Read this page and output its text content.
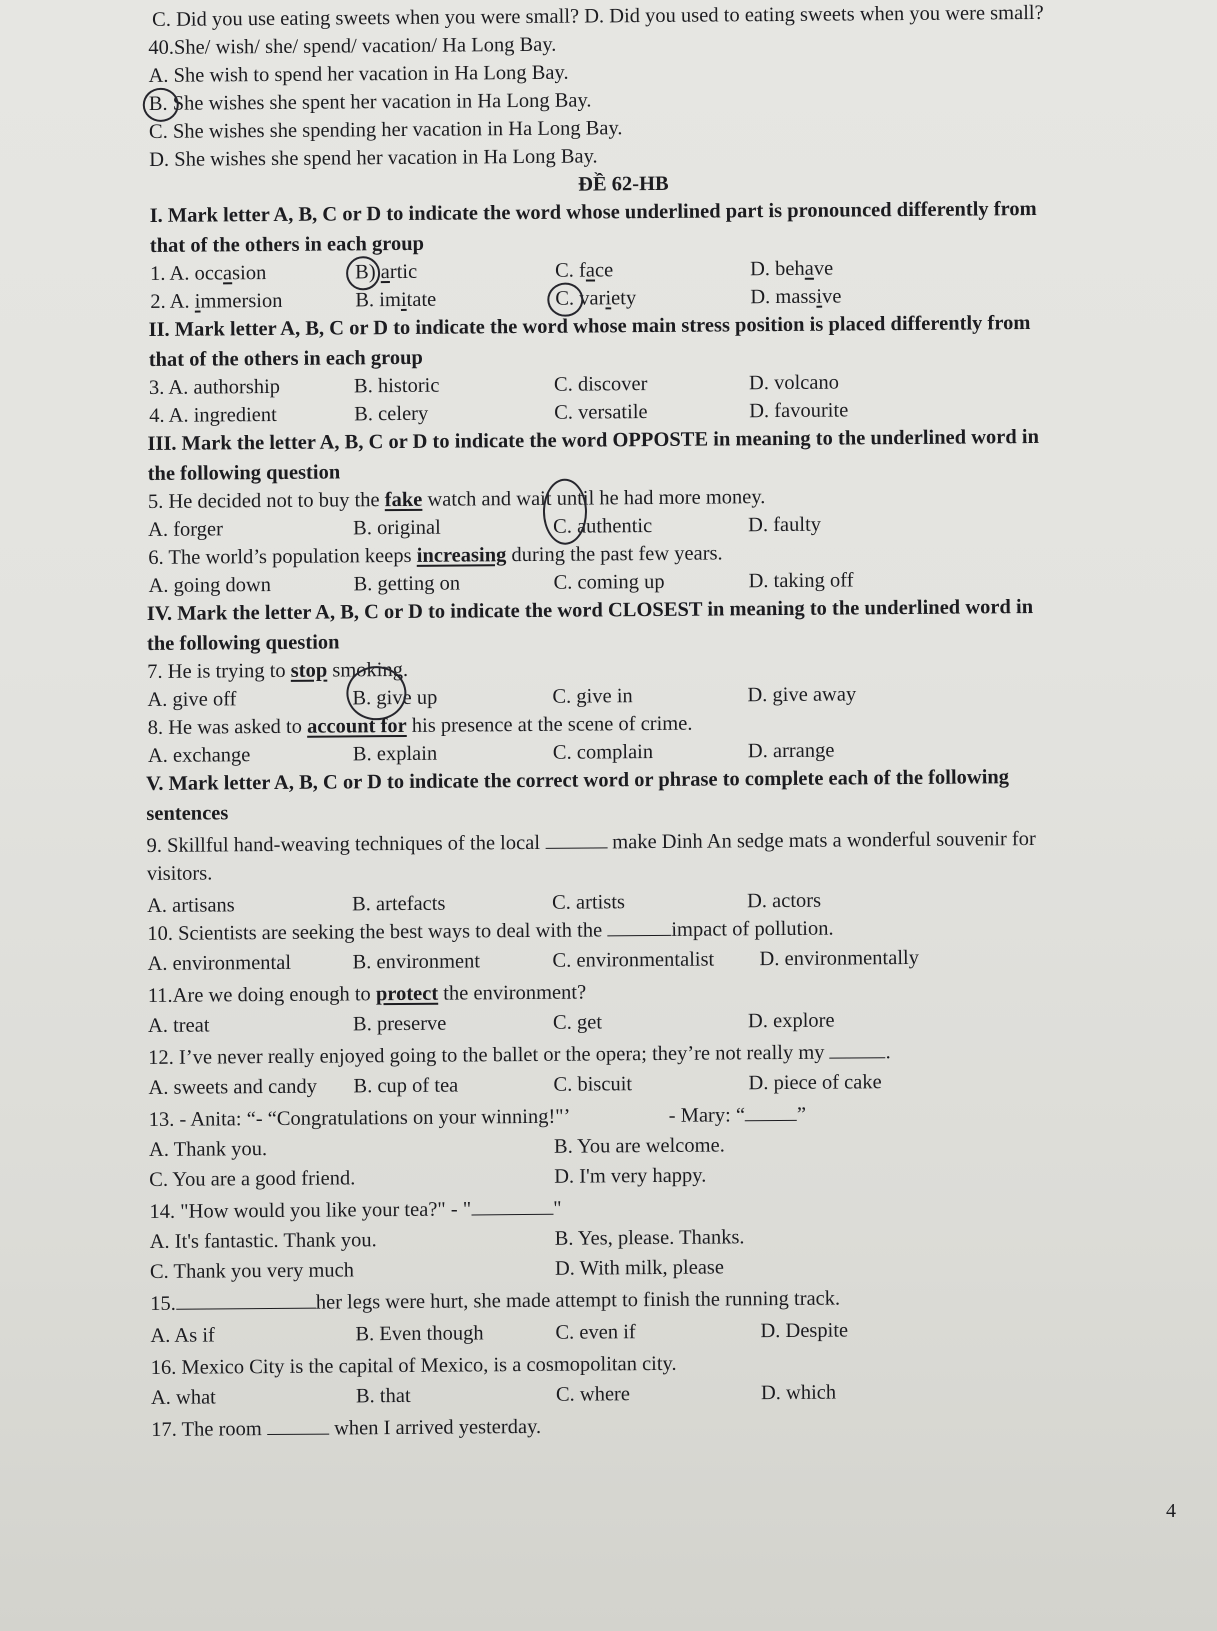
C. Did you use eating sweets when you were small? D. Did you used to eating sweets when you were small?
40.She/ wish/ she/ spend/ vacation/ Ha Long Bay.
A. She wish to spend her vacation in Ha Long Bay.
B. She wishes she spent her vacation in Ha Long Bay.
C. She wishes she spending her vacation in Ha Long Bay.
D. She wishes she spend her vacation in Ha Long Bay.
ĐỀ 62-HB
I. Mark letter A, B, C or D to indicate the word whose underlined part is pronounced differently from
that of the others in each group
1. A. occasion	B) artic	C. face	D. behave
2. A. immersion	B. imitate	C. variety	D. massive
II. Mark letter A, B, C or D to indicate the word whose main stress position is placed differently from
that of the others in each group
3. A. authorship	B. historic	C. discover	D. volcano
4. A. ingredient	B. celery	C. versatile	D. favourite
III. Mark the letter A, B, C or D to indicate the word OPPOSTE in meaning to the underlined word in
the following question
5. He decided not to buy the fake watch and wait until he had more money.
A. forger	B. original	C. authentic	D. faulty
6. The world’s population keeps increasing during the past few years.
A. going down	B. getting on	C. coming up	D. taking off
IV. Mark the letter A, B, C or D to indicate the word CLOSEST in meaning to the underlined word in
the following question
7. He is trying to stop smoking.
A. give off	B. give up	C. give in	D. give away
8. He was asked to account for his presence at the scene of crime.
A. exchange	B. explain	C. complain	D. arrange
V. Mark letter A, B, C or D to indicate the correct word or phrase to complete each of the following
sentences
9. Skillful hand-weaving techniques of the local	make Dinh An sedge mats a wonderful souvenir for
visitors.
A. artisans	B. artefacts	C. artists	D. actors
10. Scientists are seeking the best ways to deal with the	impact of pollution.
A. environmental	B. environment	C. environmentalist D. environmentally
11.Are we doing enough to protect the environment?
A. treat	B. preserve	C. get	D. explore
12. I’ve never really enjoyed going to the ballet or the opera; they’re not really my	.
A. sweets and candy B. cup of tea	C. biscuit	D. piece of cake
13. - Anita: “- “Congratulations on your winning!"’	- Mary: “	”
A. Thank you.	B. You are welcome.
C. You are a good friend.	D. I'm very happy.
14. "How would you like your tea?" - "	"
A. It's fantastic. Thank you.	B. Yes, please. Thanks.
C. Thank you very much	D. With milk, please
15.	her legs were hurt, she made attempt to finish the running track.
A. As if	B. Even though	C. even if	D. Despite
16. Mexico City is the capital of Mexico, is a cosmopolitan city.
A. what	B. that	C. where	D. which
17. The room	when I arrived yesterday.
4
